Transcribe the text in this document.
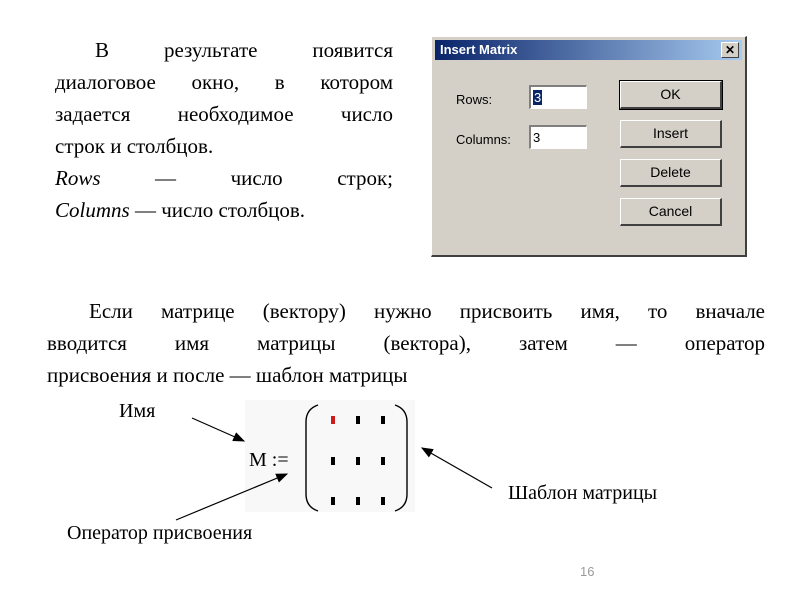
В результате появится

диалоговое окно, в котором

задается необходимое число

строк и столбцов.

Rows	— число строк;

Columns — число столбцов.

Insert Matrix	✕
Rows:	3
Columns:	3
OK
Insert
Delete
Cancel

Если матрице (вектору) нужно присвоить имя, то вначале

вводится имя матрицы (вектора), затем — оператор

присвоения и после — шаблон матрицы

Имя
M :=
Шаблон матрицы
Оператор присвоения
16
